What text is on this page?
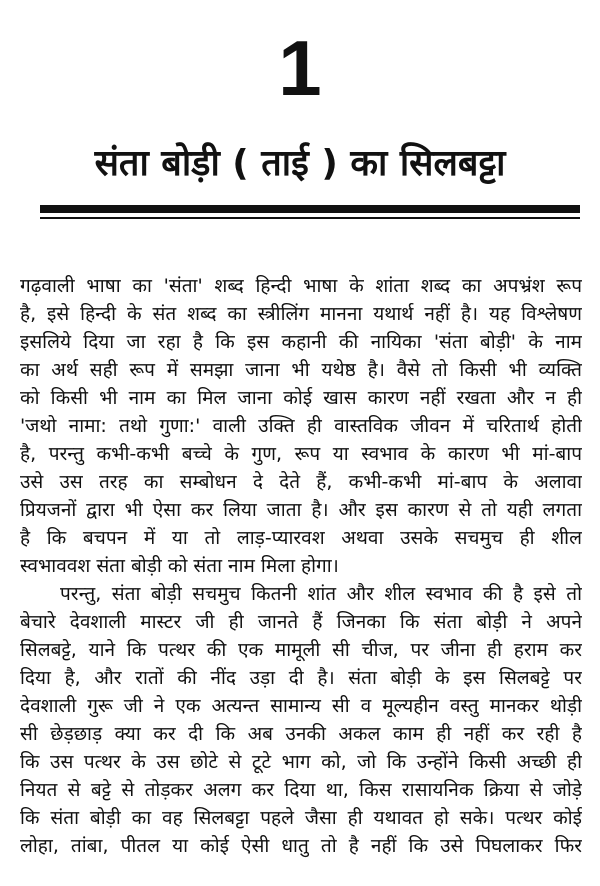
1
संता बोड़ी ( ताई ) का सिलबट्टा
गढ़वाली भाषा का 'संता' शब्द हिन्दी भाषा के शांता शब्द का अपभ्रंश रूप
है, इसे हिन्दी के संत शब्द का स्त्रीलिंग मानना यथार्थ नहीं है। यह विश्लेषण
इसलिये दिया जा रहा है कि इस कहानी की नायिका 'संता बोड़ी' के नाम
का अर्थ सही रूप में समझा जाना भी यथेष्ठ है। वैसे तो किसी भी व्यक्ति
को किसी भी नाम का मिल जाना कोई खास कारण नहीं रखता और न ही
'जथो नामा: तथो गुणा:' वाली उक्ति ही वास्तविक जीवन में चरितार्थ होती
है, परन्तु कभी-कभी बच्चे के गुण, रूप या स्वभाव के कारण भी मां-बाप
उसे उस तरह का सम्बोधन दे देते हैं, कभी-कभी मां-बाप के अलावा
प्रियजनों द्वारा भी ऐसा कर लिया जाता है। और इस कारण से तो यही लगता
है कि बचपन में या तो लाड़-प्यारवश अथवा उसके सचमुच ही शील
स्वभाववश संता बोड़ी को संता नाम मिला होगा।
परन्तु, संता बोड़ी सचमुच कितनी शांत और शील स्वभाव की है इसे तो
बेचारे देवशाली मास्टर जी ही जानते हैं जिनका कि संता बोड़ी ने अपने
सिलबट्टे, याने कि पत्थर की एक मामूली सी चीज, पर जीना ही हराम कर
दिया है, और रातों की नींद उड़ा दी है। संता बोड़ी के इस सिलबट्टे पर
देवशाली गुरू जी ने एक अत्यन्त सामान्य सी व मूल्यहीन वस्तु मानकर थोड़ी
सी छेड़छाड़ क्या कर दी कि अब उनकी अकल काम ही नहीं कर रही है
कि उस पत्थर के उस छोटे से टूटे भाग को, जो कि उन्होंने किसी अच्छी ही
नियत से बट्टे से तोड़कर अलग कर दिया था, किस रासायनिक क्रिया से जोड़े
कि संता बोड़ी का वह सिलबट्टा पहले जैसा ही यथावत हो सके। पत्थर कोई
लोहा, तांबा, पीतल या कोई ऐसी धातु तो है नहीं कि उसे पिघलाकर फिर
